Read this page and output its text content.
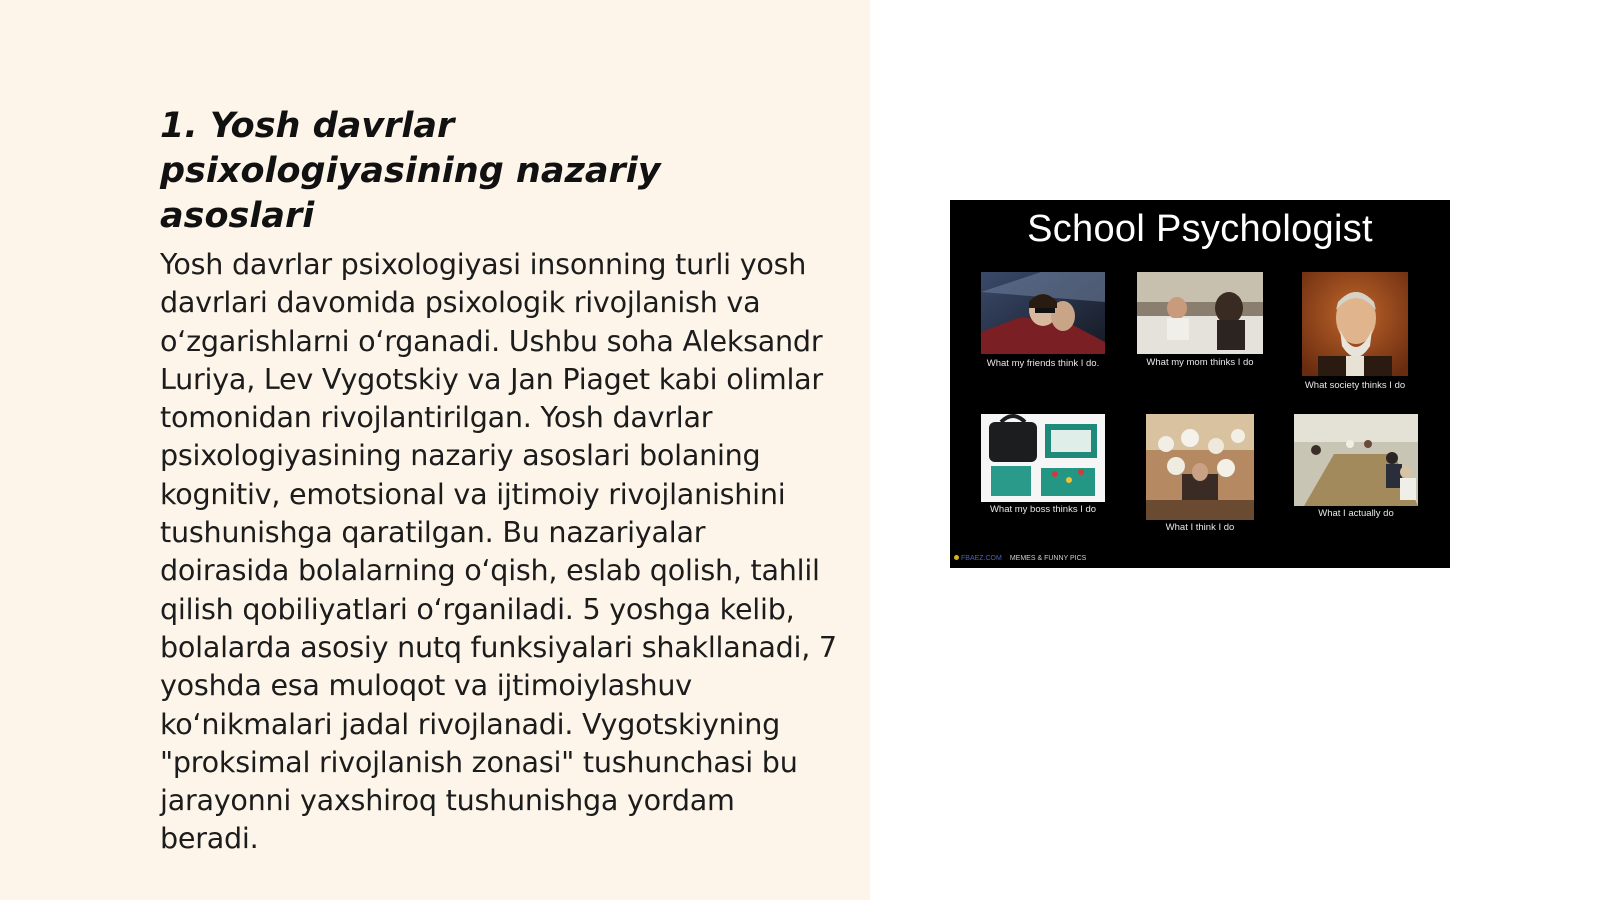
1. Yosh davrlar psixologiyasining nazariy asoslari

Yosh davrlar psixologiyasi insonning turli yosh davrlari davomida psixologik rivojlanish va oʻzgarishlarni oʻrganadi. Ushbu soha Aleksandr Luriya, Lev Vygotskiy va Jan Piaget kabi olimlar tomonidan rivojlantirilgan. Yosh davrlar psixologiyasining nazariy asoslari bolaning kognitiv, emotsional va ijtimoiy rivojlanishini tushunishga qaratilgan. Bu nazariyalar doirasida bolalarning oʻqish, eslab qolish, tahlil qilish qobiliyatlari oʻrganiladi. 5 yoshga kelib, bolalarda asosiy nutq funksiyalari shakllanadi, 7 yoshda esa muloqot va ijtimoiylashuv koʻnikmalari jadal rivojlanadi. Vygotskiyning "proksimal rivojlanish zonasi" tushunchasi bu jarayonni yaxshiroq tushunishga yordam beradi.

School Psychologist
What my friends think I do.	What my mom thinks I do
What society thinks I do
What my boss thinks I do
What I think I do
What I actually do
FBAEZ.COM MEMES & FUNNY PICS
